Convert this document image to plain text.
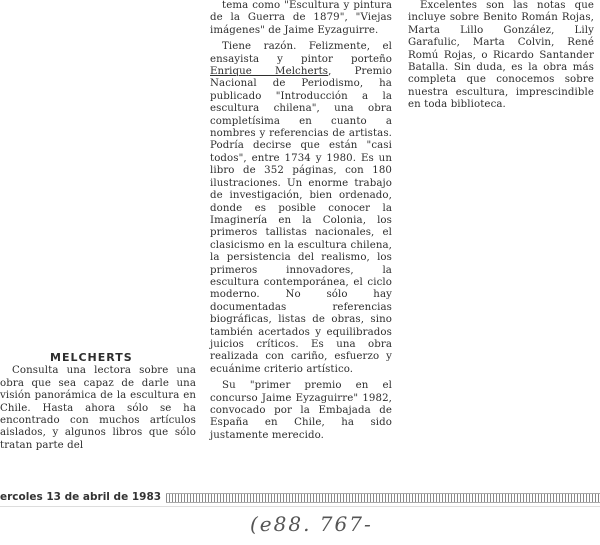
MELCHERTS

Consulta una lectora sobre una obra que sea capaz de darle una visión panorámica de la escultura en Chile. Hasta ahora sólo se ha encontrado con muchos artículos aislados, y algunos libros que sólo tratan parte del

tema como "Escultura y pintura de la Guerra de 1879", "Viejas imágenes" de Jaime Eyzaguirre.

Tiene razón. Felizmente, el ensayista y pintor porteño Enrique Melcherts, Premio Nacional de Periodismo, ha publicado "Introducción a la escultura chilena", una obra completísima en cuanto a nombres y referencias de artistas. Podría decirse que están "casi todos", entre 1734 y 1980. Es un libro de 352 páginas, con 180 ilustraciones. Un enorme trabajo de investigación, bien ordenado, donde es posible conocer la Imaginería en la Colonia, los primeros tallistas nacionales, el clasicismo en la escultura chilena, la persistencia del realismo, los primeros innovadores, la escultura contemporánea, el ciclo moderno. No sólo hay documentadas referencias biográficas, listas de obras, sino también acertados y equilibrados juicios críticos. Es una obra realizada con cariño, esfuerzo y ecuánime criterio artístico.

Su "primer premio en el concurso Jaime Eyzaguirre" 1982, convocado por la Embajada de España en Chile, ha sido justamente merecido.

Excelentes son las notas que incluye sobre Benito Román Rojas, Marta Lillo González, Lily Garafulic, Marta Colvin, René Romú Rojas, o Ricardo Santander Batalla. Sin duda, es la obra más completa que conocemos sobre nuestra escultura, imprescindible en toda biblioteca.

ercoles 13 de abril de 1983
(e88. 767-
